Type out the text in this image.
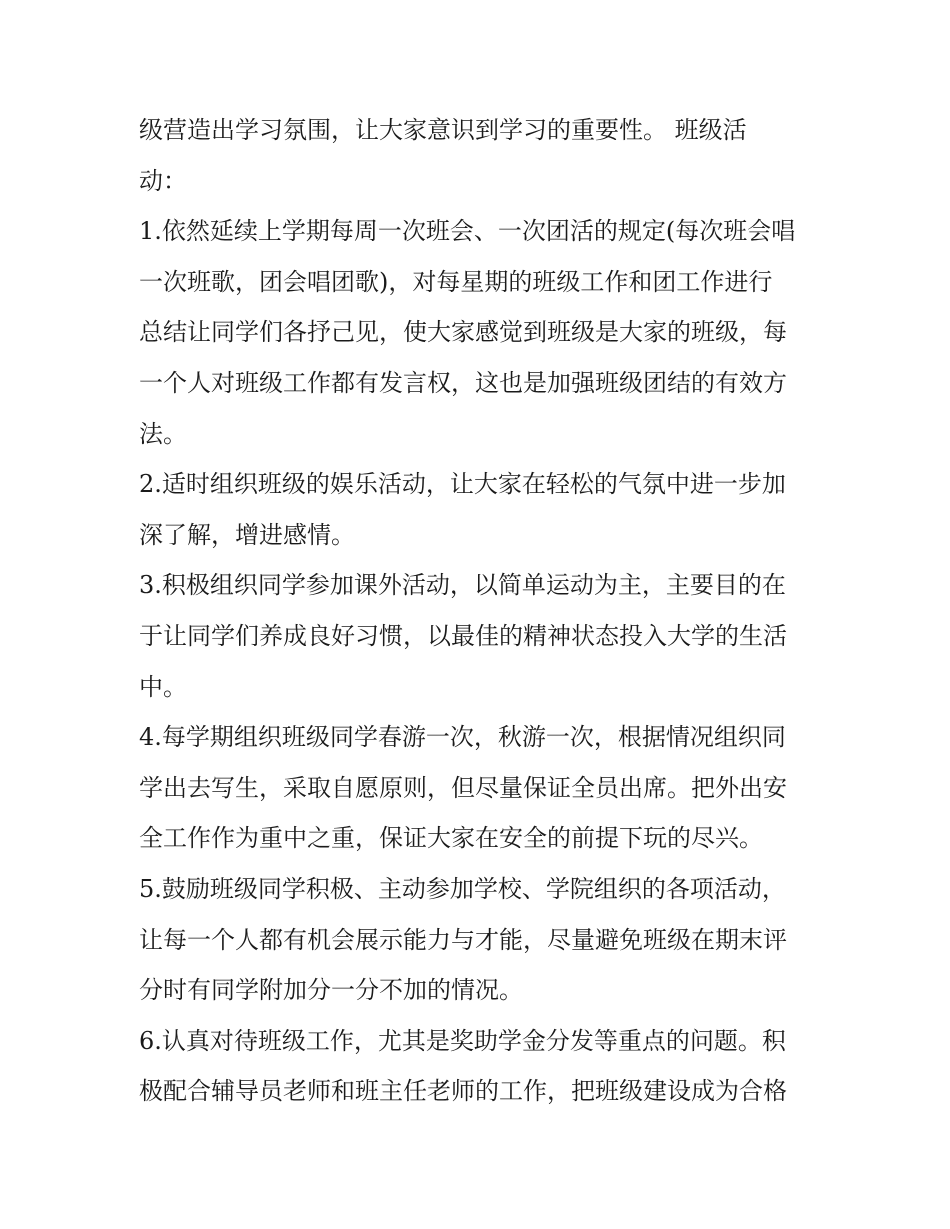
级营造出学习氛围，让大家意识到学习的重要性。 班级活
动：
1.依然延续上学期每周一次班会、一次团活的规定(每次班会唱
一次班歌，团会唱团歌)，对每星期的班级工作和团工作进行
总结让同学们各抒己见，使大家感觉到班级是大家的班级，每
一个人对班级工作都有发言权，这也是加强班级团结的有效方
法。
2.适时组织班级的娱乐活动，让大家在轻松的气氛中进一步加
深了解，增进感情。
3.积极组织同学参加课外活动，以简单运动为主，主要目的在
于让同学们养成良好习惯，以最佳的精神状态投入大学的生活
中。
4.每学期组织班级同学春游一次，秋游一次，根据情况组织同
学出去写生，采取自愿原则，但尽量保证全员出席。把外出安
全工作作为重中之重，保证大家在安全的前提下玩的尽兴。
5.鼓励班级同学积极、主动参加学校、学院组织的各项活动，
让每一个人都有机会展示能力与才能，尽量避免班级在期末评
分时有同学附加分一分不加的情况。
6.认真对待班级工作，尤其是奖助学金分发等重点的问题。积
极配合辅导员老师和班主任老师的工作，把班级建设成为合格
